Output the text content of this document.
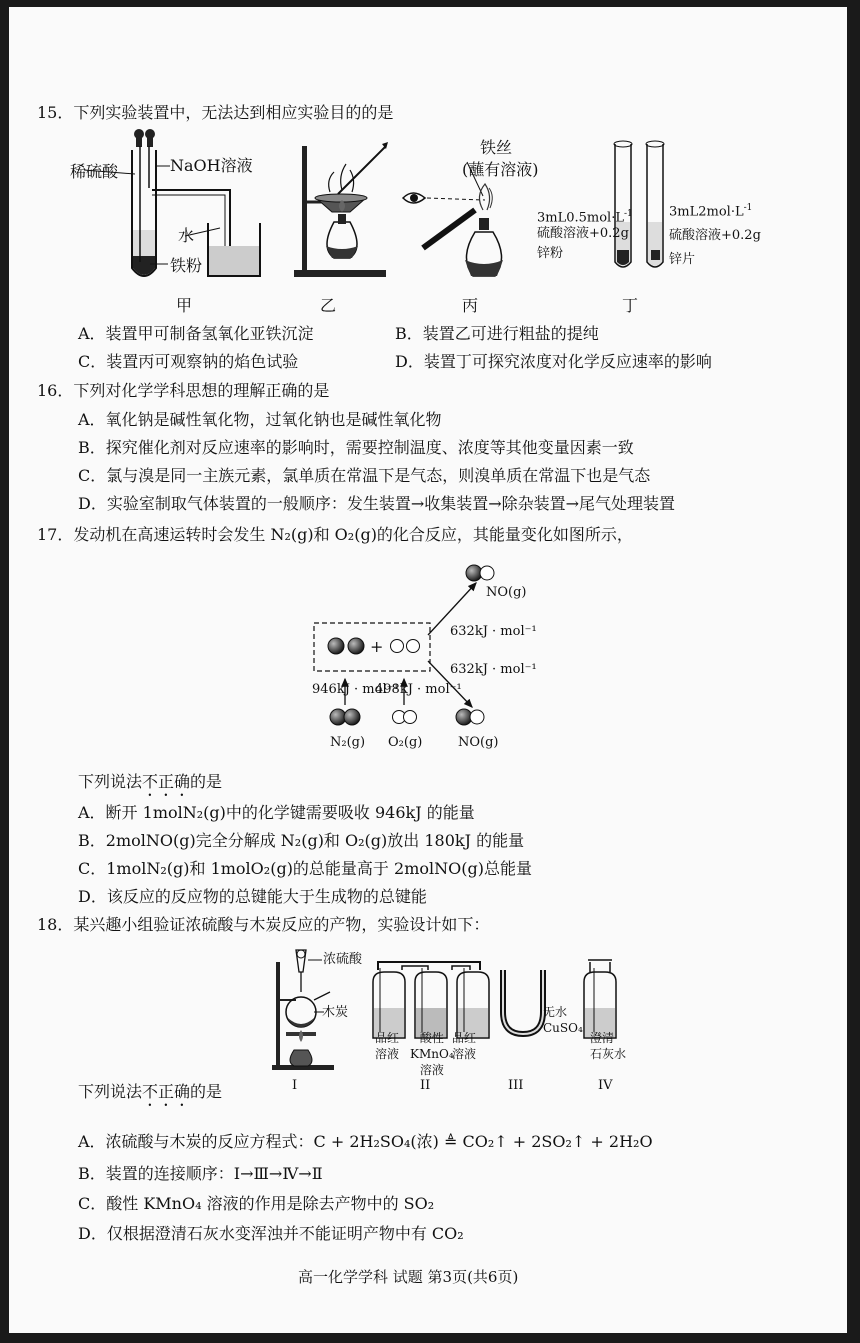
15．下列实验装置中，无法达到相应实验目的的是
稀硫酸	NaOH溶液
水
铁粉
铁丝
(蘸有溶液)
$3mL0.5mol\cdot L^{-1}$
硫酸溶液+0.2g
锌粉
$3mL2mol\cdot L^{-1}$
硫酸溶液+0.2g
锌片
甲	乙	丙	丁
A．装置甲可制备氢氧化亚铁沉淀	B．装置乙可进行粗盐的提纯
C．装置丙可观察钠的焰色试验	D．装置丁可探究浓度对化学反应速率的影响
16．下列对化学学科思想的理解正确的是
A．氧化钠是碱性氧化物，过氧化钠也是碱性氧化物
B．探究催化剂对反应速率的影响时，需要控制温度、浓度等其他变量因素一致
C．氯与溴是同一主族元素，氯单质在常温下是气态，则溴单质在常温下也是气态
D．实验室制取气体装置的一般顺序：发生装置→收集装置→除杂装置→尾气处理装置
17．发动机在高速运转时会发生 N₂(g)和 O₂(g)的化合反应，其能量变化如图所示，
NO(g)
+
632kJ · mol⁻¹
632kJ · mol⁻¹
946kJ · mol⁻¹
498kJ · mol⁻¹
N₂(g) O₂(g)	NO(g)
下列说法不正确的是
A．断开 1molN₂(g)中的化学键需要吸收 946kJ 的能量
B．2molNO(g)完全分解成 N₂(g)和 O₂(g)放出 180kJ 的能量
C．1molN₂(g)和 1molO₂(g)的总能量高于 2molNO(g)总能量
D．该反应的反应物的总键能大于生成物的总键能
18．某兴趣小组验证浓硫酸与木炭反应的产物，实验设计如下：
浓硫酸
木炭
品红
溶液
酸性
KMnO₄
溶液
品红
溶液
无水
CuSO₄
澄清
石灰水
I	II	III	IV
下列说法不正确的是
A．浓硫酸与木炭的反应方程式：C + 2H₂SO₄(浓) ≜ CO₂↑ + 2SO₂↑ + 2H₂O
B．装置的连接顺序：Ⅰ→Ⅲ→Ⅳ→Ⅱ
C．酸性 KMnO₄ 溶液的作用是除去产物中的 SO₂
D．仅根据澄清石灰水变浑浊并不能证明产物中有 CO₂
高一化学学科 试题 第3页(共6页)
